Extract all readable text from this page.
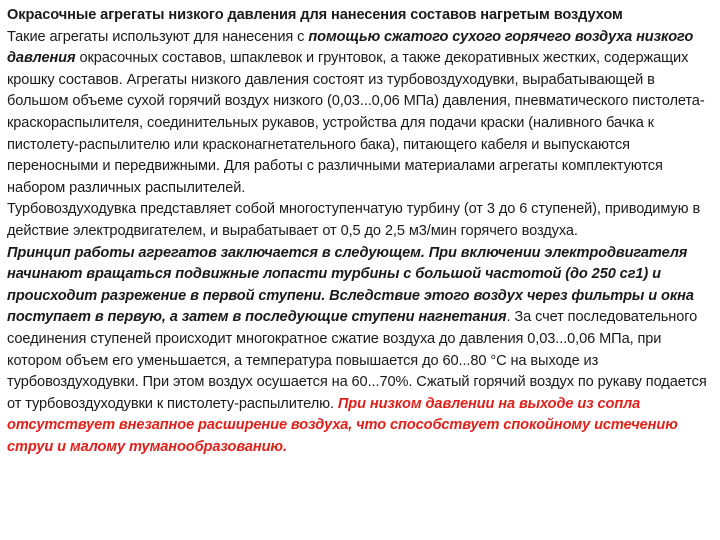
Окрасочные агрегаты низкого давления для нанесения составов нагретым воздухом

Такие агрегаты используют для нанесения с помощью сжатого сухого горячего воздуха низкого давления окрасочных составов, шпаклевок и грунтовок, а также декоративных жестких, содержащих крошку составов. Агрегаты низкого давления состоят из турбовоздуходувки, вырабатывающей в большом объеме сухой горячий воздух низкого (0,03...0,06 МПа) давления, пневматического пистолета-краскораспылителя, соединительных рукавов, устройства для подачи краски (наливного бачка к пистолету-распылителю или красконагнетательного бака), питающего кабеля и выпускаются переносными и передвижными. Для работы с различными материалами агрегаты комплектуются набором различных распылителей.

Турбовоздуходувка представляет собой многоступенчатую турбину (от 3 до 6 ступеней), приводимую в действие электродвигателем, и вырабатывает от 0,5 до 2,5 м3/мин горячего воздуха.

Принцип работы агрегатов заключается в следующем. При включении электродвигателя начинают вращаться подвижные лопасти турбины с большой частотой (до 250 сг1) и происходит разрежение в первой ступени. Вследствие этого воздух через фильтры и окна поступает в первую, а затем в последующие ступени нагнетания. За счет последовательного соединения ступеней происходит многократное сжатие воздуха до давления 0,03...0,06 МПа, при котором объем его уменьшается, а температура повышается до 60...80 °С на выходе из турбовоздуходувки. При этом воздух осушается на 60...70%. Сжатый горячий воздух по рукаву подается от турбовоздуходувки к пистолету-распылителю. При низком давлении на выходе из сопла отсутствует внезапное расширение воздуха, что способствует спокойному истечению струи и малому туманообразованию.
